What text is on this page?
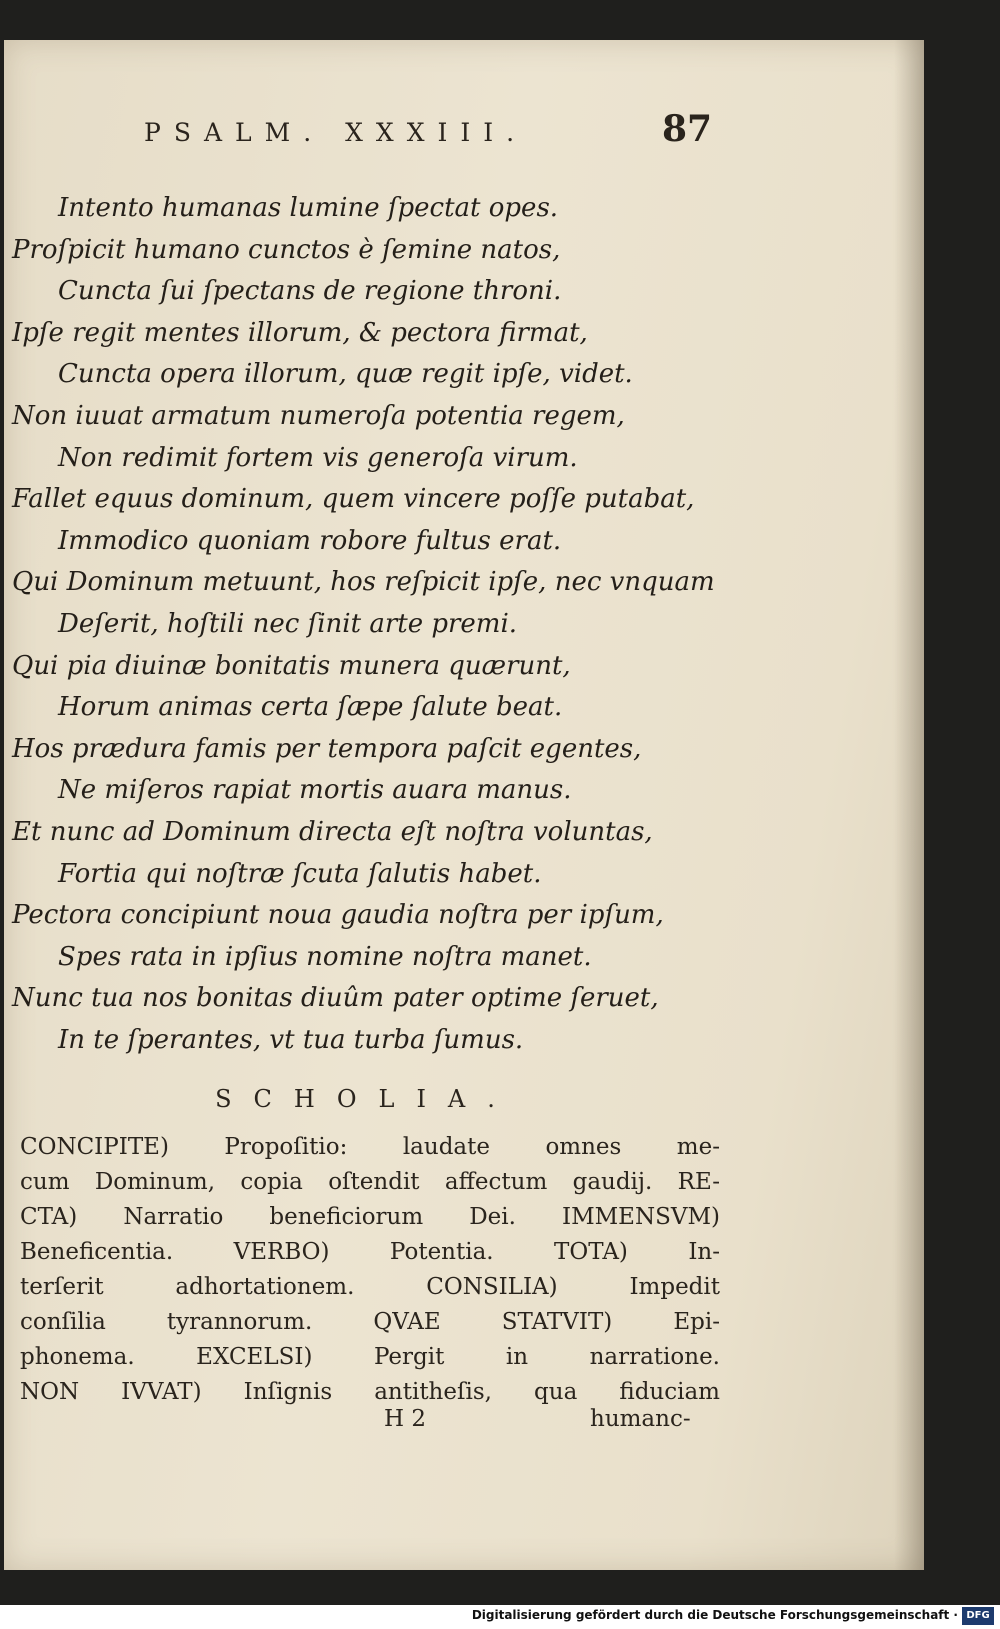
PSALM. XXXIII.	87
Intento humanas lumine ſpectat opes.
Proſpicit humano cunctos è ſemine natos,
Cuncta ſui ſpectans de regione throni.
Ipſe regit mentes illorum, & pectora firmat,
Cuncta opera illorum, quæ regit ipſe, videt.
Non iuuat armatum numeroſa potentia regem,
Non redimit fortem vis generoſa virum.
Fallet equus dominum, quem vincere poſſe putabat,
Immodico quoniam robore fultus erat.
Qui Dominum metuunt, hos reſpicit ipſe, nec vnquam
Deſerit, hoſtili nec ſinit arte premi.
Qui pia diuinæ bonitatis munera quærunt,
Horum animas certa ſæpe ſalute beat.
Hos prædura famis per tempora paſcit egentes,
Ne miſeros rapiat mortis auara manus.
Et nunc ad Dominum directa eſt noſtra voluntas,
Fortia qui noſtræ ſcuta ſalutis habet.
Pectora concipiunt noua gaudia noſtra per ipſum,
Spes rata in ipſius nomine noſtra manet.
Nunc tua nos bonitas diuûm pater optime ſeruet,
In te ſperantes, vt tua turba ſumus.
SCHOLIA.
CONCIPITE) Propoſitio: laudate omnes me-
cum Dominum, copia oſtendit affectum gaudij. RE-
CTA) Narratio beneficiorum Dei. IMMENSVM)
Beneficentia. VERBO) Potentia. TOTA) In-
terſerit adhortationem. CONSILIA) Impedit
conſilia tyrannorum. QVAE STATVIT) Epi-
phonema. EXCELSI) Pergit in narratione.
NON IVVAT) Inſignis antitheſis, qua fiduciam
H 2	humanc-
Digitalisierung gefördert durch die Deutsche Forschungsgemeinschaft · DFG
